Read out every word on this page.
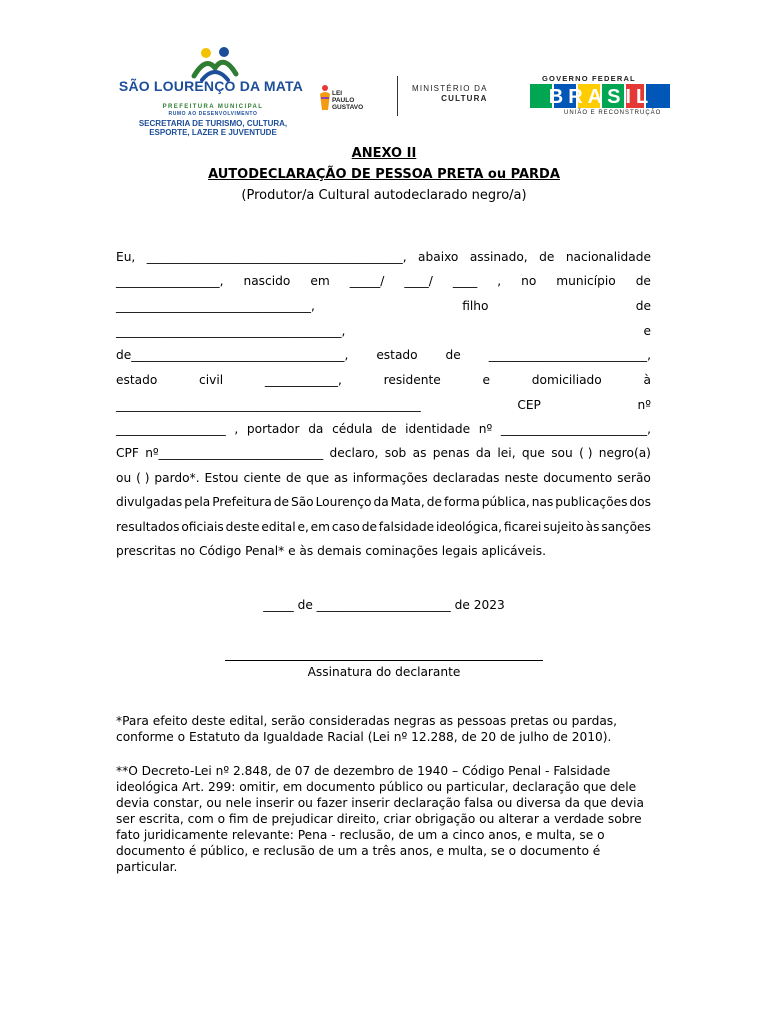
SÃO LOURENÇO DA MATA
PREFEITURA MUNICIPAL
RUMO AO DESENVOLVIMENTO
SECRETARIA DE TURISMO, CULTURA, ESPORTE, LAZER E JUVENTUDE
LEI
PAULO
GUSTAVO
MINISTÉRIO DA
CULTURA
GOVERNO FEDERAL
BRASIL
UNIÃO E RECONSTRUÇÃO
ANEXO II
AUTODECLARAÇÃO DE PESSOA PRETA ou PARDA
(Produtor/a Cultural autodeclarado negro/a)
Eu, __________________________________________, abaixo assinado, de nacionalidade
_________________, nascido em _____/ ____/ ____ , no município de
________________________________,	filho	de
_____________________________________,	e
de___________________________________, estado de __________________________,
estado	civil	____________,	residente	e	domiciliado	à
__________________________________________________	CEP	nº
__________________ , portador da cédula de identidade nº ________________________,
CPF nº___________________________ declaro, sob as penas da lei, que sou ( ) negro(a)
ou ( ) pardo*. Estou ciente de que as informações declaradas neste documento serão
divulgadas pela Prefeitura de São Lourenço da Mata, de forma pública, nas publicações dos
resultados oficiais deste edital e, em caso de falsidade ideológica, ficarei sujeito às sanções
prescritas no Código Penal* e às demais cominações legais aplicáveis.
_____ de ______________________ de 2023
Assinatura do declarante
*Para efeito deste edital, serão consideradas negras as pessoas pretas ou pardas, conforme o Estatuto da Igualdade Racial (Lei nº 12.288, de 20 de julho de 2010).
**O Decreto-Lei nº 2.848, de 07 de dezembro de 1940 – Código Penal - Falsidade ideológica Art. 299: omitir, em documento público ou particular, declaração que dele devia constar, ou nele inserir ou fazer inserir declaração falsa ou diversa da que devia ser escrita, com o fim de prejudicar direito, criar obrigação ou alterar a verdade sobre fato juridicamente relevante: Pena - reclusão, de um a cinco anos, e multa, se o documento é público, e reclusão de um a três anos, e multa, se o documento é particular.
